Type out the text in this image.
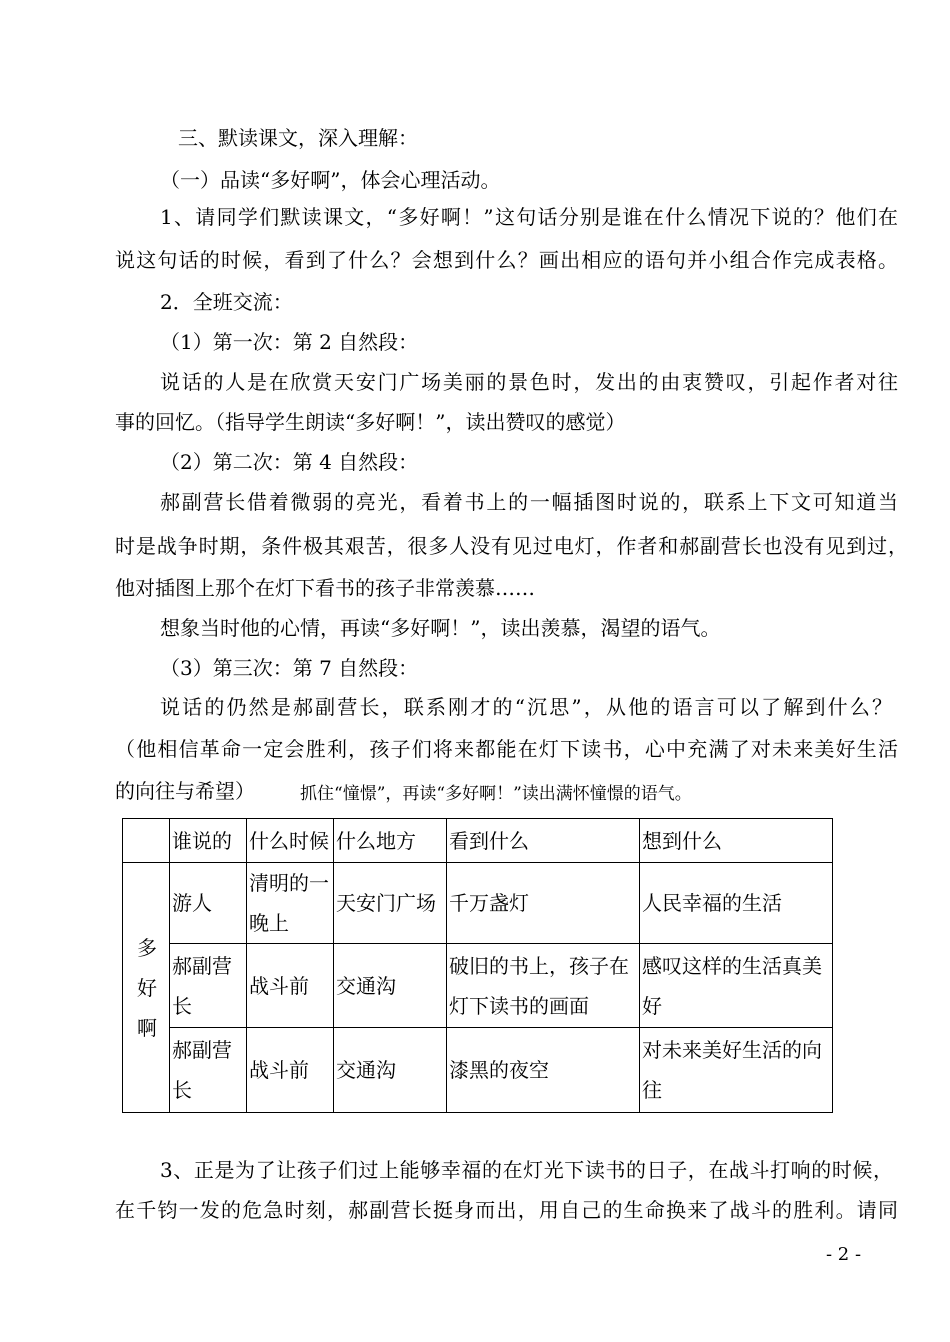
三、默读课文，深入理解：
（一）品读“多好啊”，体会心理活动。
1、请同学们默读课文，“多好啊！”这句话分别是谁在什么情况下说的？他们在
说这句话的时候，看到了什么？会想到什么？画出相应的语句并小组合作完成表格。
2．全班交流：
（1）第一次：第 2 自然段：
说话的人是在欣赏天安门广场美丽的景色时，发出的由衷赞叹，引起作者对往
事的回忆。（指导学生朗读“多好啊！”，读出赞叹的感觉）
（2）第二次：第 4 自然段：
郝副营长借着微弱的亮光，看着书上的一幅插图时说的，联系上下文可知道当
时是战争时期，条件极其艰苦，很多人没有见过电灯，作者和郝副营长也没有见到过，
他对插图上那个在灯下看书的孩子非常羡慕……
想象当时他的心情，再读“多好啊！”，读出羡慕，渴望的语气。
（3）第三次：第 7 自然段：
说话的仍然是郝副营长，联系刚才的“沉思”，从他的语言可以了解到什么？
（他相信革命一定会胜利，孩子们将来都能在灯下读书，心中充满了对未来美好生活
的向往与希望）	抓住“憧憬”，再读“多好啊！”读出满怀憧憬的语气。
	谁说的	什么时候	什么地方	看到什么	想到什么
多好啊	游人	清明的一晚上	天安门广场	千万盏灯	人民幸福的生活
	郝副营长	战斗前	交通沟	破旧的书上，孩子在灯下读书的画面	感叹这样的生活真美好
	郝副营长	战斗前	交通沟	漆黑的夜空	对未来美好生活的向往
3、正是为了让孩子们过上能够幸福的在灯光下读书的日子，在战斗打响的时候，
在千钧一发的危急时刻，郝副营长挺身而出，用自己的生命换来了战斗的胜利。请同
- 2 -
